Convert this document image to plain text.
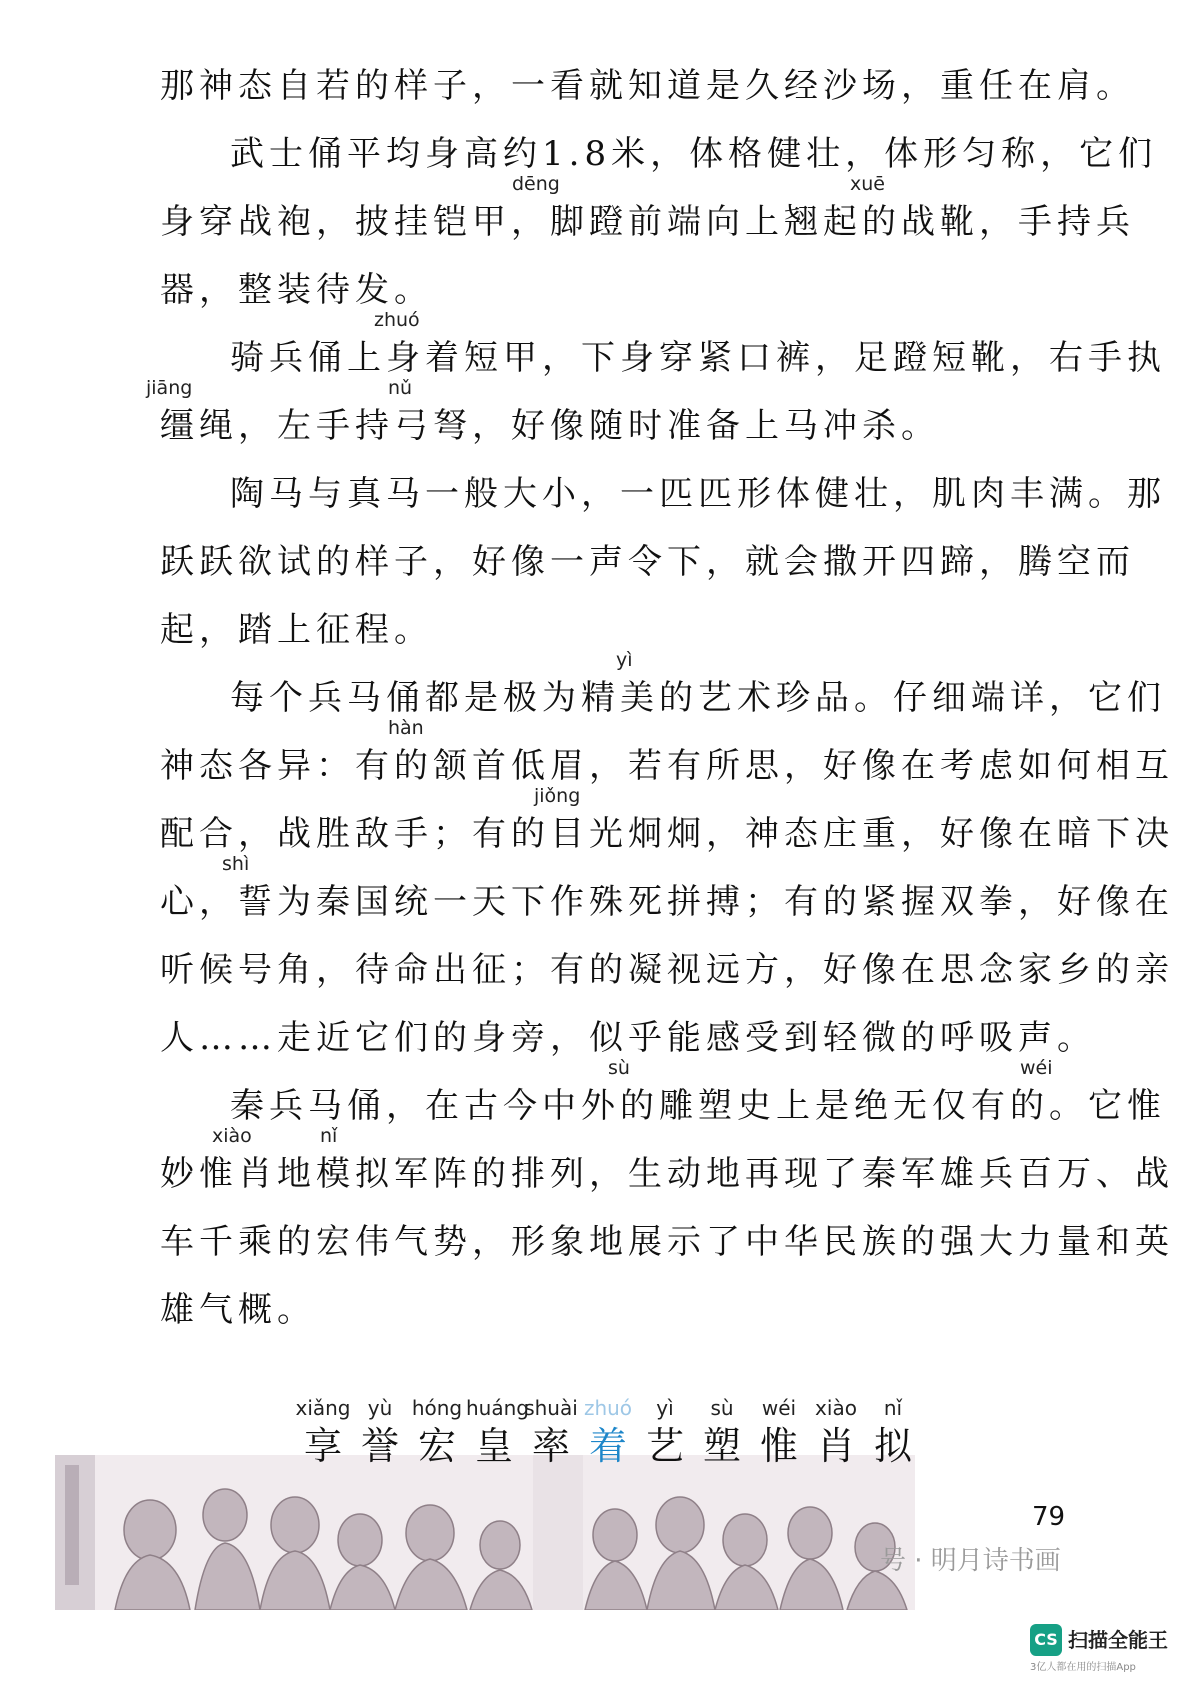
那神态自若的样子，一看就知道是久经沙场，重任在肩。
武士俑平均身高约1.8米，体格健壮，体形匀称，它们
dēng	xuē
身穿战袍，披挂铠甲，脚蹬前端向上翘起的战靴，手持兵
器，整装待发。
zhuó
骑兵俑上身着短甲，下身穿紧口裤，足蹬短靴，右手执
jiāng	nǔ
缰绳，左手持弓弩，好像随时准备上马冲杀。
陶马与真马一般大小，一匹匹形体健壮，肌肉丰满。那
跃跃欲试的样子，好像一声令下，就会撒开四蹄，腾空而
起，踏上征程。
yì
每个兵马俑都是极为精美的艺术珍品。仔细端详，它们
hàn
神态各异：有的颔首低眉，若有所思，好像在考虑如何相互
jiǒng
配合，战胜敌手；有的目光炯炯，神态庄重，好像在暗下决
shì
心，誓为秦国统一天下作殊死拼搏；有的紧握双拳，好像在
听候号角，待命出征；有的凝视远方，好像在思念家乡的亲
人……走近它们的身旁，似乎能感受到轻微的呼吸声。
sù	wéi
秦兵马俑，在古今中外的雕塑史上是绝无仅有的。它惟
xiào	nǐ
妙惟肖地模拟军阵的排列，生动地再现了秦军雄兵百万、战
车千乘的宏伟气势，形象地展示了中华民族的强大力量和英
雄气概。
xiǎng
享
yù
誉
hóng
宏
huáng
皇
shuài
率
zhuó
着
yì
艺
sù
塑
wéi
惟
xiào
肖
nǐ
拟
79
号 · 明月诗书画
CS 扫描全能王
3亿人都在用的扫描App
